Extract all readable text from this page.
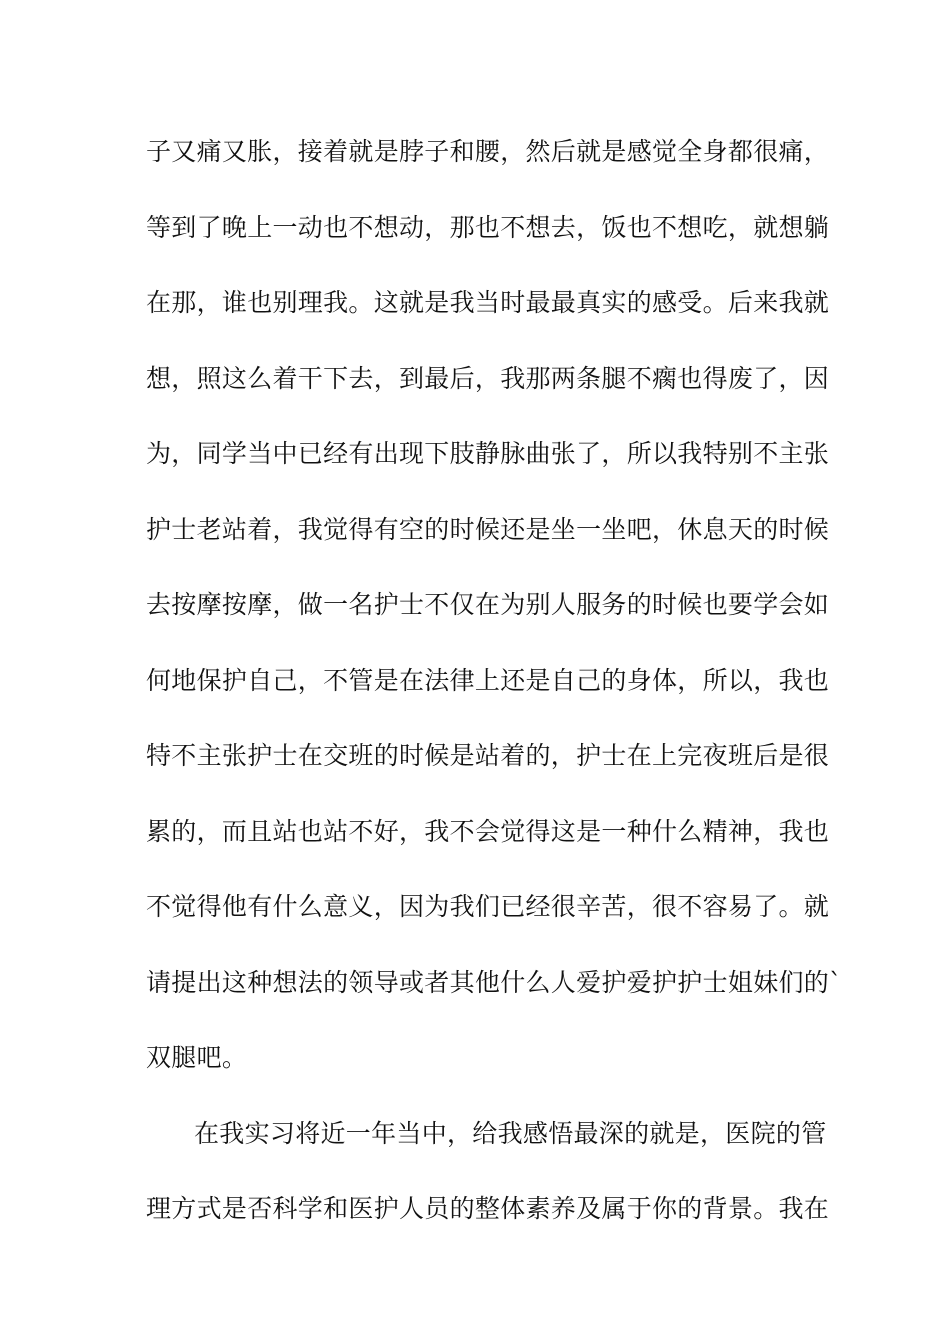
子又痛又胀，接着就是脖子和腰，然后就是感觉全身都很痛，
等到了晚上一动也不想动，那也不想去，饭也不想吃，就想躺
在那，谁也别理我。这就是我当时最最真实的感受。后来我就
想，照这么着干下去，到最后，我那两条腿不瘸也得废了，因
为，同学当中已经有出现下肢静脉曲张了，所以我特别不主张
护士老站着，我觉得有空的时候还是坐一坐吧，休息天的时候
去按摩按摩，做一名护士不仅在为别人服务的时候也要学会如
何地保护自己，不管是在法律上还是自己的身体，所以，我也
特不主张护士在交班的时候是站着的，护士在上完夜班后是很
累的，而且站也站不好，我不会觉得这是一种什么精神，我也
不觉得他有什么意义，因为我们已经很辛苦，很不容易了。就
请提出这种想法的领导或者其他什么人爱护爱护护士姐妹们的`
双腿吧。
在我实习将近一年当中，给我感悟最深的就是，医院的管
理方式是否科学和医护人员的整体素养及属于你的背景。我在
